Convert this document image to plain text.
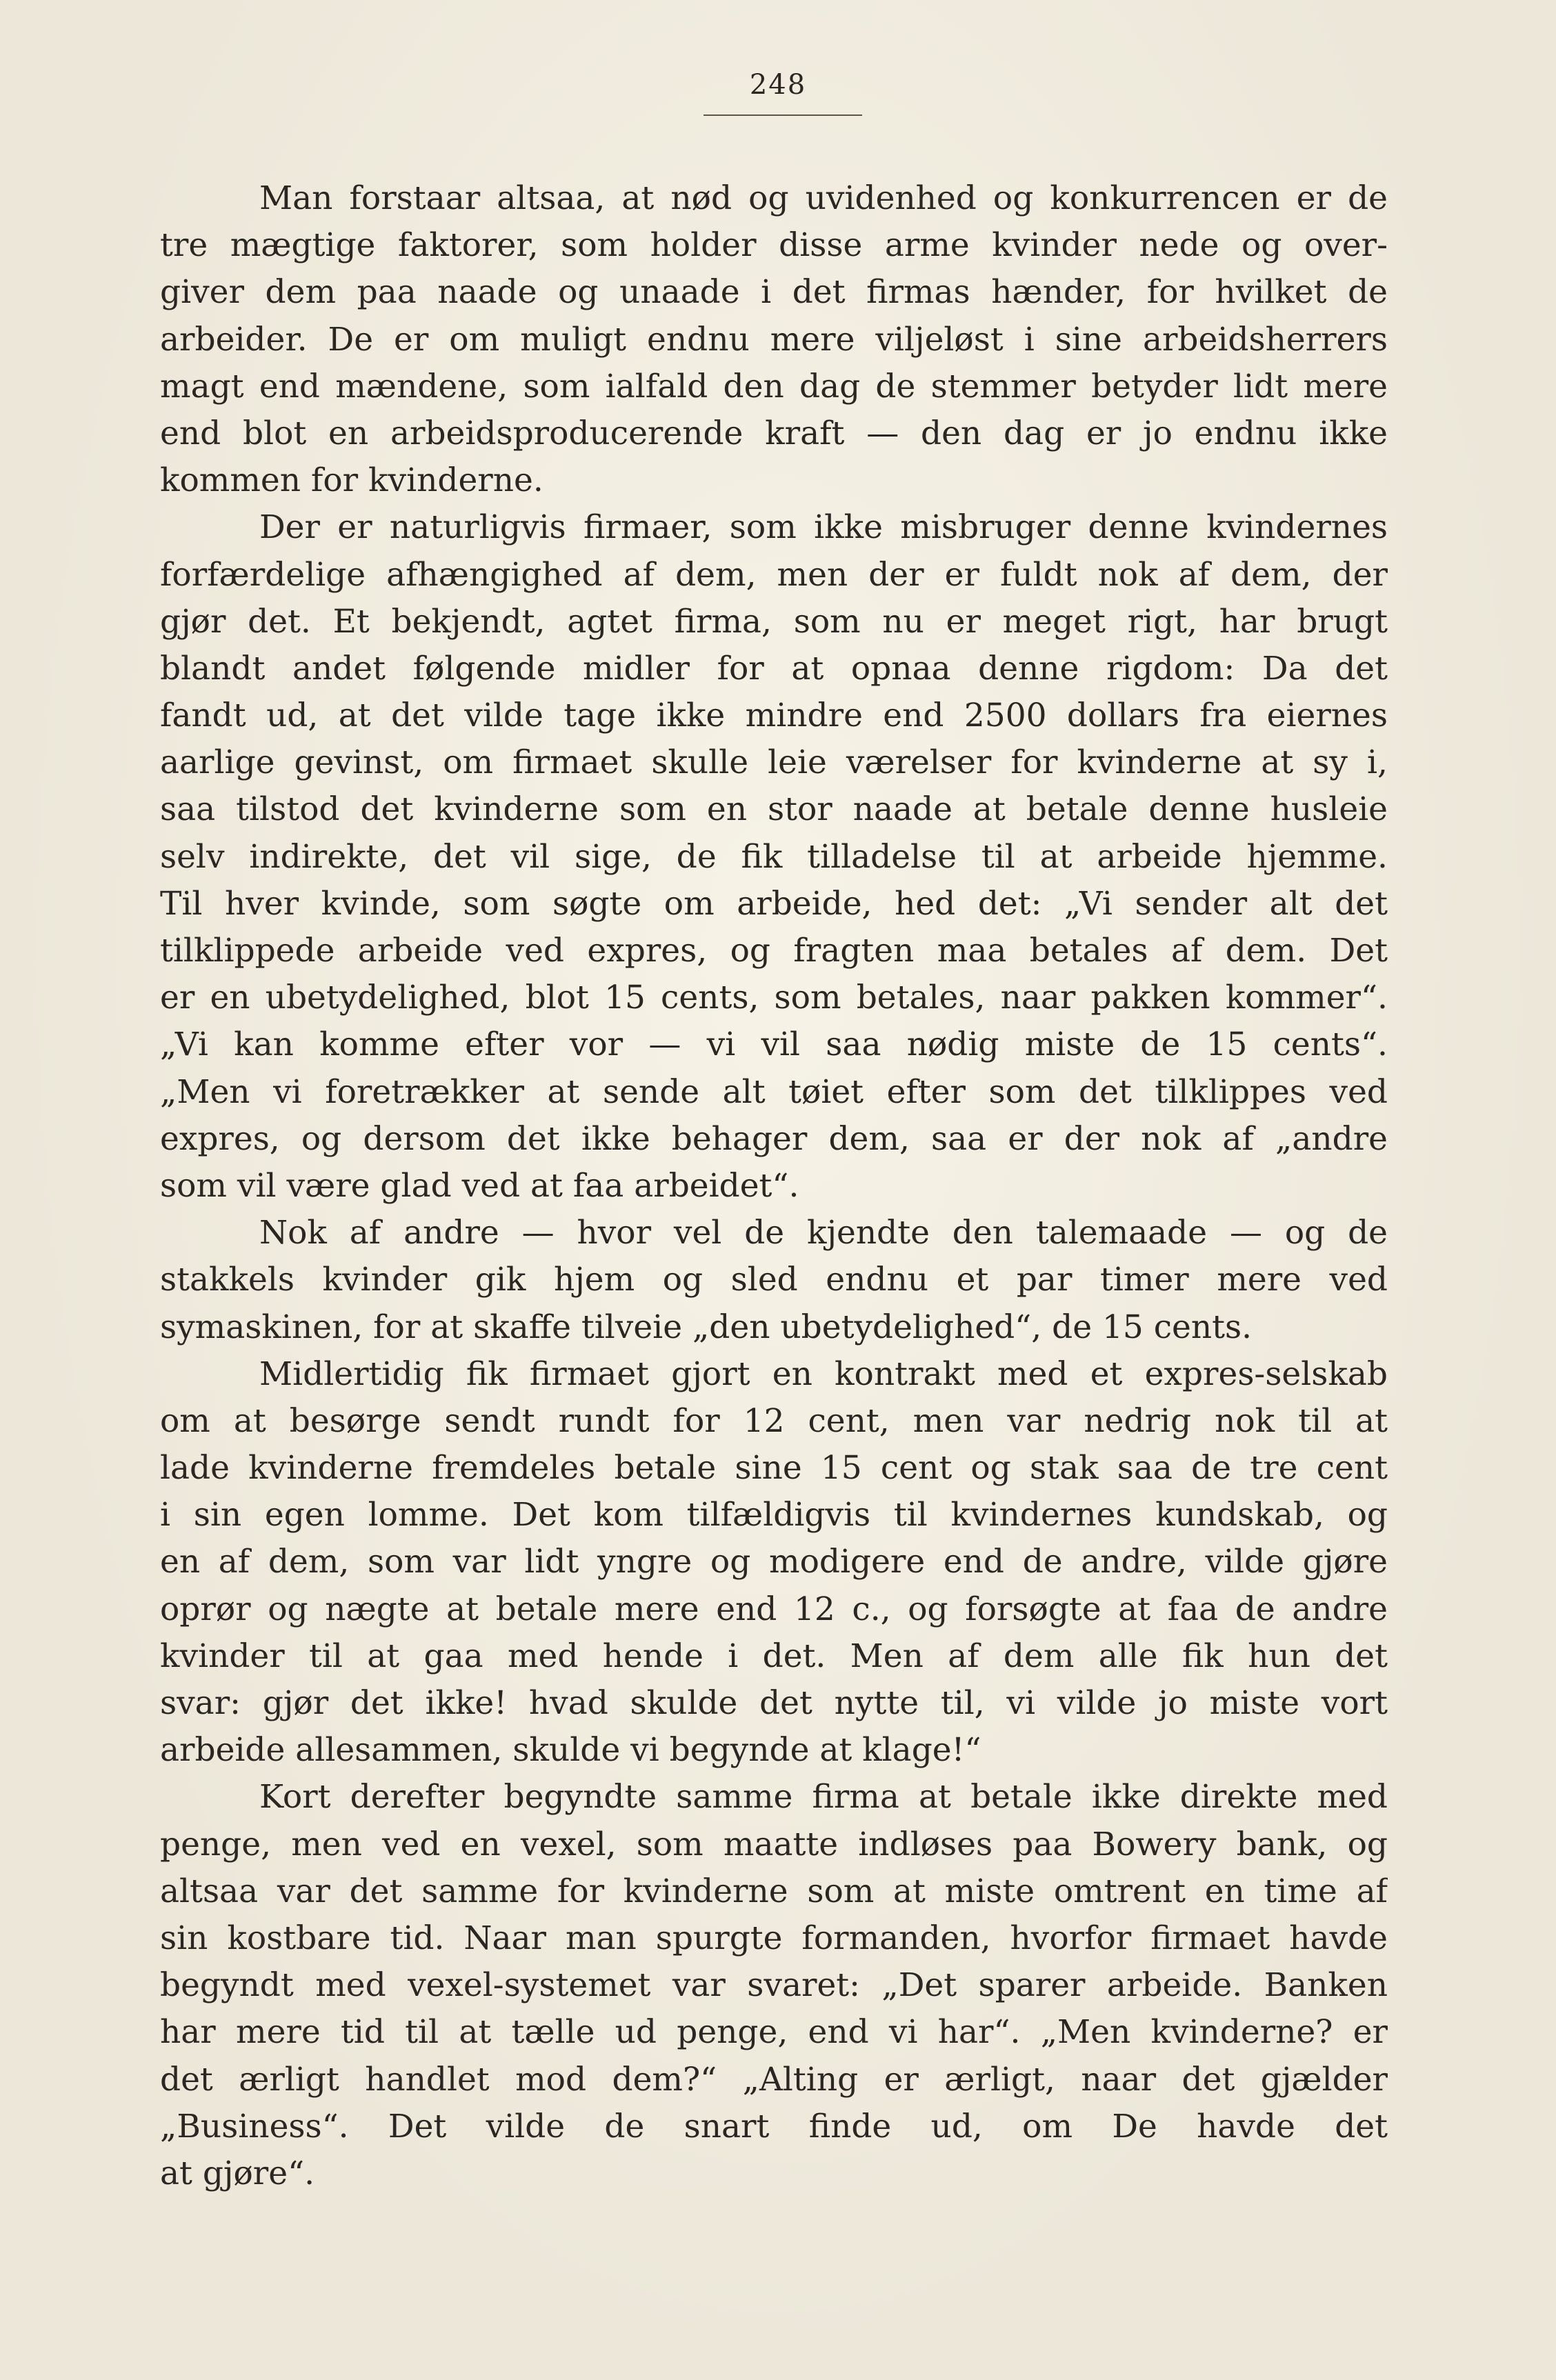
248
Man forstaar altsaa, at nød og uvidenhed og konkurrencen er de
tre mægtige faktorer, som holder disse arme kvinder nede og over-
giver dem paa naade og unaade i det firmas hænder, for hvilket de
arbeider. De er om muligt endnu mere viljeløst i sine arbeidsherrers
magt end mændene, som ialfald den dag de stemmer betyder lidt mere
end blot en arbeidsproducerende kraft — den dag er jo endnu ikke
kommen for kvinderne.
Der er naturligvis firmaer, som ikke misbruger denne kvindernes
forfærdelige afhængighed af dem, men der er fuldt nok af dem, der
gjør det. Et bekjendt, agtet firma, som nu er meget rigt, har brugt
blandt andet følgende midler for at opnaa denne rigdom: Da det
fandt ud, at det vilde tage ikke mindre end 2500 dollars fra eiernes
aarlige gevinst, om firmaet skulle leie værelser for kvinderne at sy i,
saa tilstod det kvinderne som en stor naade at betale denne husleie
selv indirekte, det vil sige, de fik tilladelse til at arbeide hjemme.
Til hver kvinde, som søgte om arbeide, hed det: „Vi sender alt det
tilklippede arbeide ved expres, og fragten maa betales af dem. Det
er en ubetydelighed, blot 15 cents, som betales, naar pakken kommer“.
„Vi kan komme efter vor — vi vil saa nødig miste de 15 cents“.
„Men vi foretrækker at sende alt tøiet efter som det tilklippes ved
expres, og dersom det ikke behager dem, saa er der nok af „andre
som vil være glad ved at faa arbeidet“.
Nok af andre — hvor vel de kjendte den talemaade — og de
stakkels kvinder gik hjem og sled endnu et par timer mere ved
symaskinen, for at skaffe tilveie „den ubetydelighed“, de 15 cents.
Midlertidig fik firmaet gjort en kontrakt med et expres-selskab
om at besørge sendt rundt for 12 cent, men var nedrig nok til at
lade kvinderne fremdeles betale sine 15 cent og stak saa de tre cent
i sin egen lomme. Det kom tilfældigvis til kvindernes kundskab, og
en af dem, som var lidt yngre og modigere end de andre, vilde gjøre
oprør og nægte at betale mere end 12 c., og forsøgte at faa de andre
kvinder til at gaa med hende i det. Men af dem alle fik hun det
svar: gjør det ikke! hvad skulde det nytte til, vi vilde jo miste vort
arbeide allesammen, skulde vi begynde at klage!“
Kort derefter begyndte samme firma at betale ikke direkte med
penge, men ved en vexel, som maatte indløses paa Bowery bank, og
altsaa var det samme for kvinderne som at miste omtrent en time af
sin kostbare tid. Naar man spurgte formanden, hvorfor firmaet havde
begyndt med vexel-systemet var svaret: „Det sparer arbeide. Banken
har mere tid til at tælle ud penge, end vi har“. „Men kvinderne? er
det ærligt handlet mod dem?“ „Alting er ærligt, naar det gjælder
„Business“. Det vilde de snart finde ud, om De havde det
at gjøre“.
